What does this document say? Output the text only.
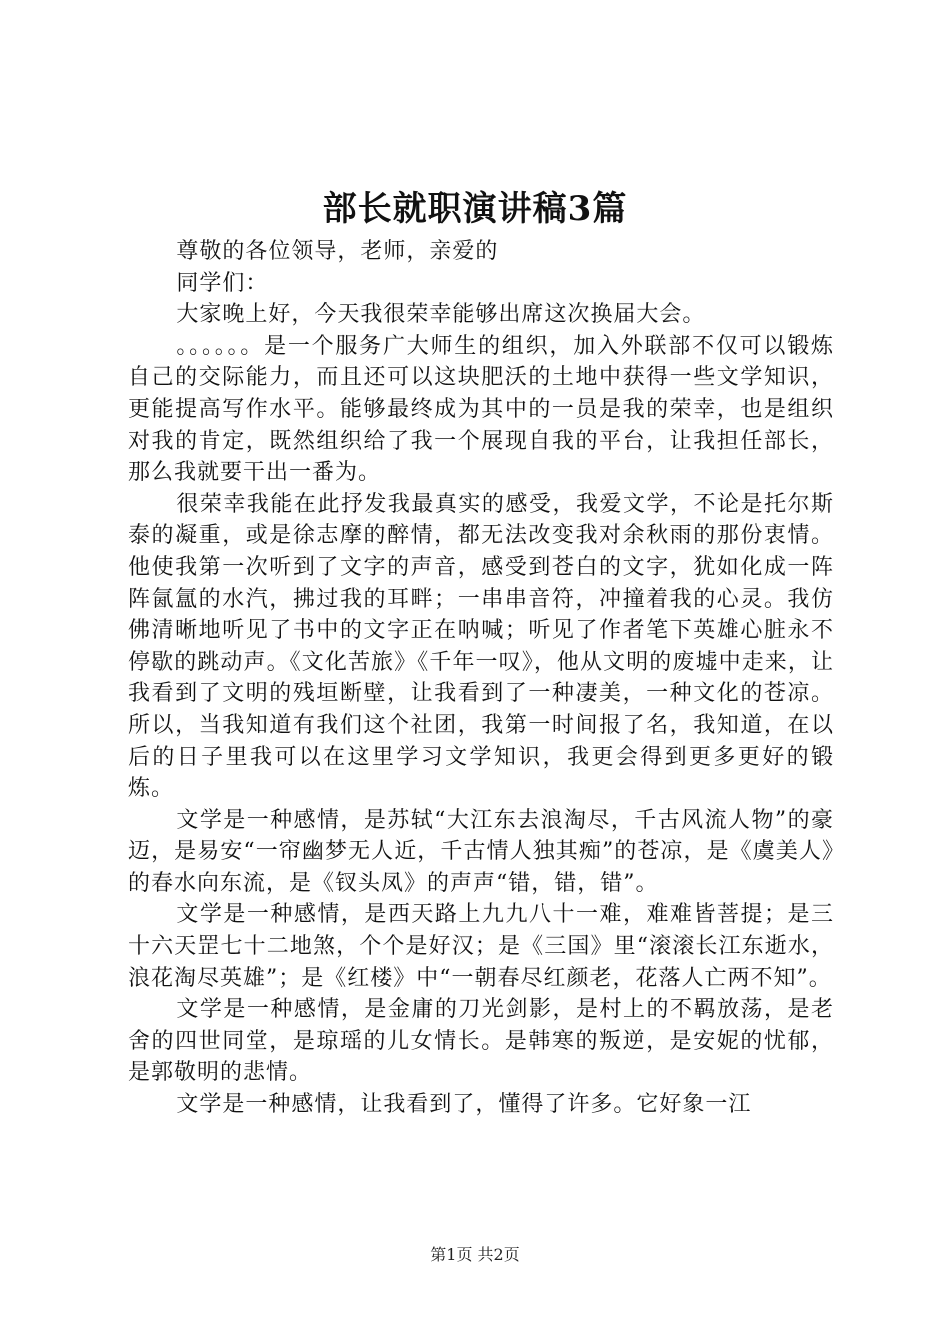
部长就职演讲稿3篇

尊敬的各位领导，老师，亲爱的

同学们：

大家晚上好，今天我很荣幸能够出席这次换届大会。

。。。。。。是一个服务广大师生的组织，加入外联部不仅可以锻炼自己的交际能力，而且还可以这块肥沃的土地中获得一些文学知识，更能提高写作水平。能够最终成为其中的一员是我的荣幸，也是组织对我的肯定，既然组织给了我一个展现自我的平台，让我担任部长，那么我就要干出一番为。

很荣幸我能在此抒发我最真实的感受，我爱文学，不论是托尔斯泰的凝重，或是徐志摩的醉情，都无法改变我对余秋雨的那份衷情。他使我第一次听到了文字的声音，感受到苍白的文字，犹如化成一阵阵氤氲的水汽，拂过我的耳畔；一串串音符，冲撞着我的心灵。我仿佛清晰地听见了书中的文字正在呐喊；听见了作者笔下英雄心脏永不停歇的跳动声。《文化苦旅》《千年一叹》，他从文明的废墟中走来，让我看到了文明的残垣断壁，让我看到了一种凄美，一种文化的苍凉。所以，当我知道有我们这个社团，我第一时间报了名，我知道，在以后的日子里我可以在这里学习文学知识，我更会得到更多更好的锻炼。

文学是一种感情，是苏轼“大江东去浪淘尽，千古风流人物”的豪迈，是易安“一帘幽梦无人近，千古情人独其痴”的苍凉，是《虞美人》的春水向东流，是《钗头凤》的声声“错，错，错”。

文学是一种感情，是西天路上九九八十一难，难难皆菩提；是三十六天罡七十二地煞，个个是好汉；是《三国》里“滚滚长江东逝水，浪花淘尽英雄”；是《红楼》中“一朝春尽红颜老，花落人亡两不知”。

文学是一种感情，是金庸的刀光剑影，是村上的不羁放荡，是老舍的四世同堂，是琼瑶的儿女情长。是韩寒的叛逆，是安妮的忧郁，是郭敬明的悲情。

文学是一种感情，让我看到了，懂得了许多。它好象一江

第1页 共2页
